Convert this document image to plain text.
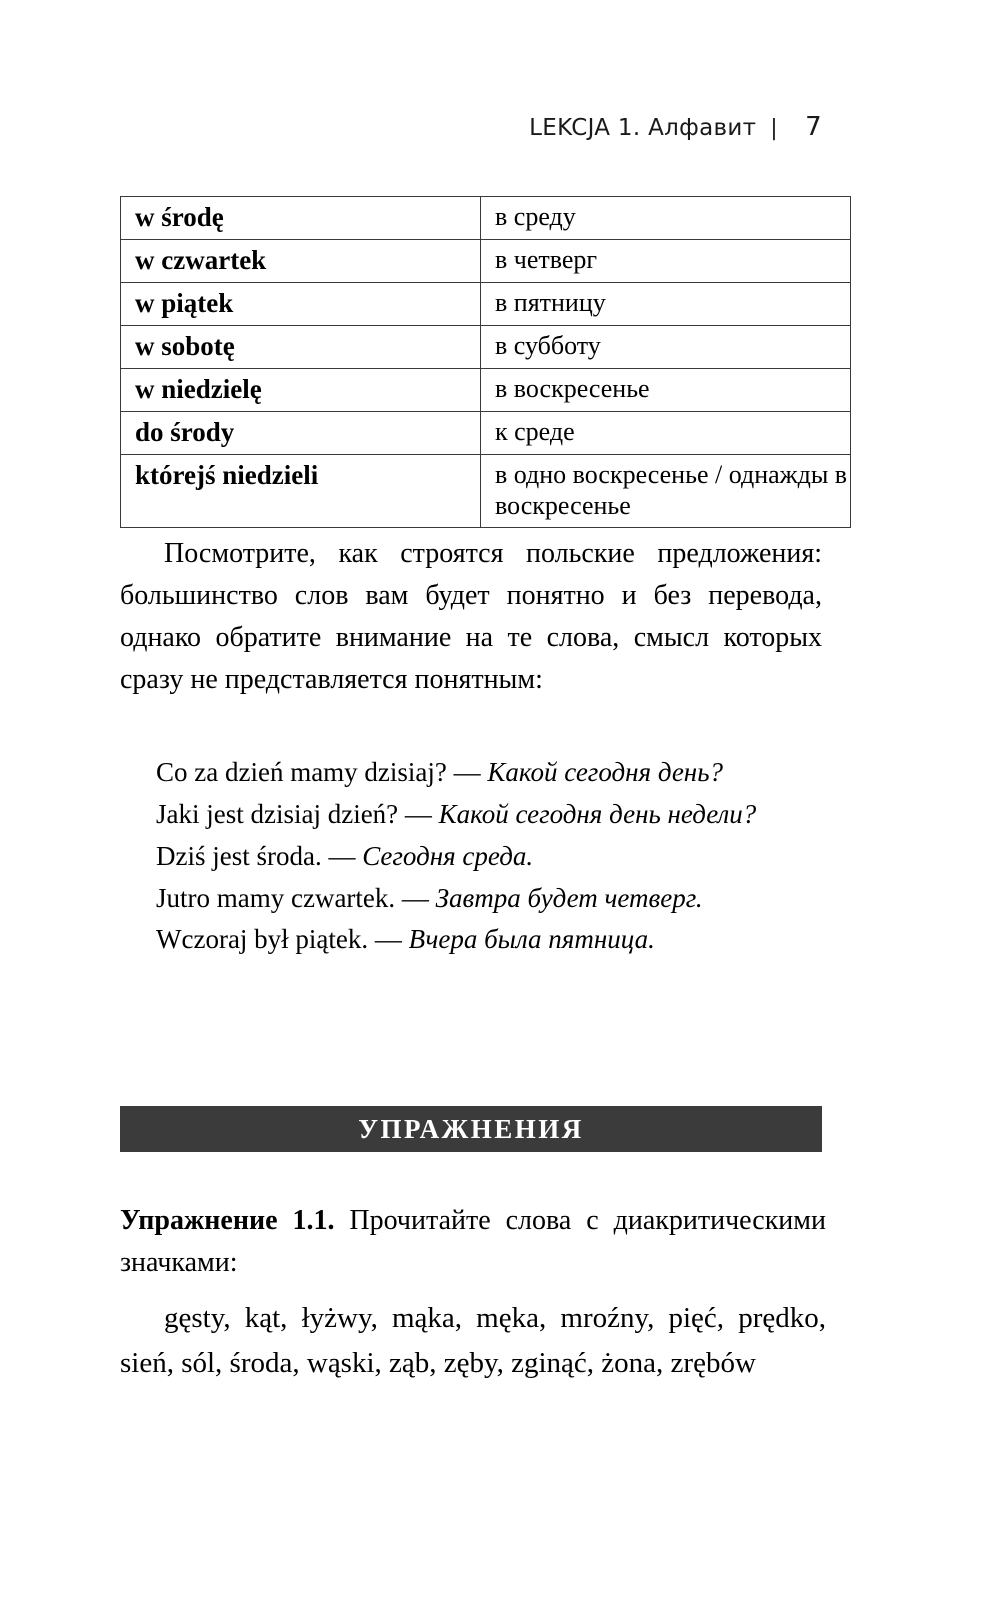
LEKCJA 1. Алфавит | 7
w środę	в среду
w czwartek	в четверг
w piątek	в пятницу
w sobotę	в субботу
w niedzielę	в воскресенье
do środy	к среде
którejś niedzieli	в одно воскресенье / однажды в воскресенье
Посмотрите, как строятся польские предложения: большинство слов вам будет понятно и без перевода, однако обратите внимание на те слова, смысл которых сразу не представляется понятным:
Co za dzień mamy dzisiaj? — Какой сегодня день?
Jaki jest dzisiaj dzień? — Какой сегодня день недели?
Dziś jest środa. — Сегодня среда.
Jutro mamy czwartek. — Завтра будет четверг.
Wczoraj był piątek. — Вчера была пятница.
УПРАЖНЕНИЯ
Упражнение 1.1. Прочитайте слова с диакритическими значками:
gęsty, kąt, łyżwy, mąka, męka, mroźny, pięć, prędko, sień, sól, środa, wąski, ząb, zęby, zginąć, żona, zrębów
